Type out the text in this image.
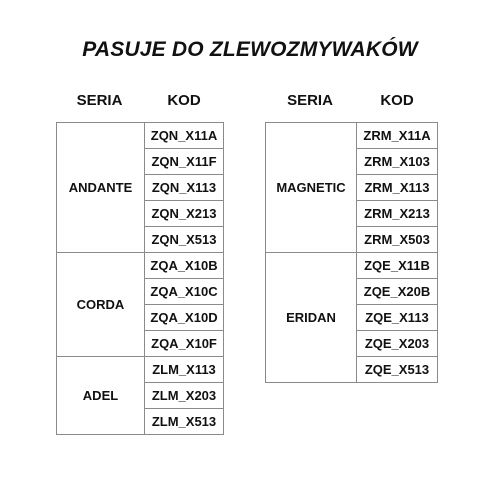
PASUJE DO ZLEWOZMYWAKÓW
SERIA	KOD	SERIA	KOD
ANDANTE	ZQN_X11A
	ZQN_X11F
	ZQN_X113
	ZQN_X213
	ZQN_X513
CORDA	ZQA_X10B
	ZQA_X10C
	ZQA_X10D
	ZQA_X10F
ADEL	ZLM_X113
	ZLM_X203
	ZLM_X513
MAGNETIC	ZRM_X11A
	ZRM_X103
	ZRM_X113
	ZRM_X213
	ZRM_X503
ERIDAN	ZQE_X11B
	ZQE_X20B
	ZQE_X113
	ZQE_X203
	ZQE_X513
